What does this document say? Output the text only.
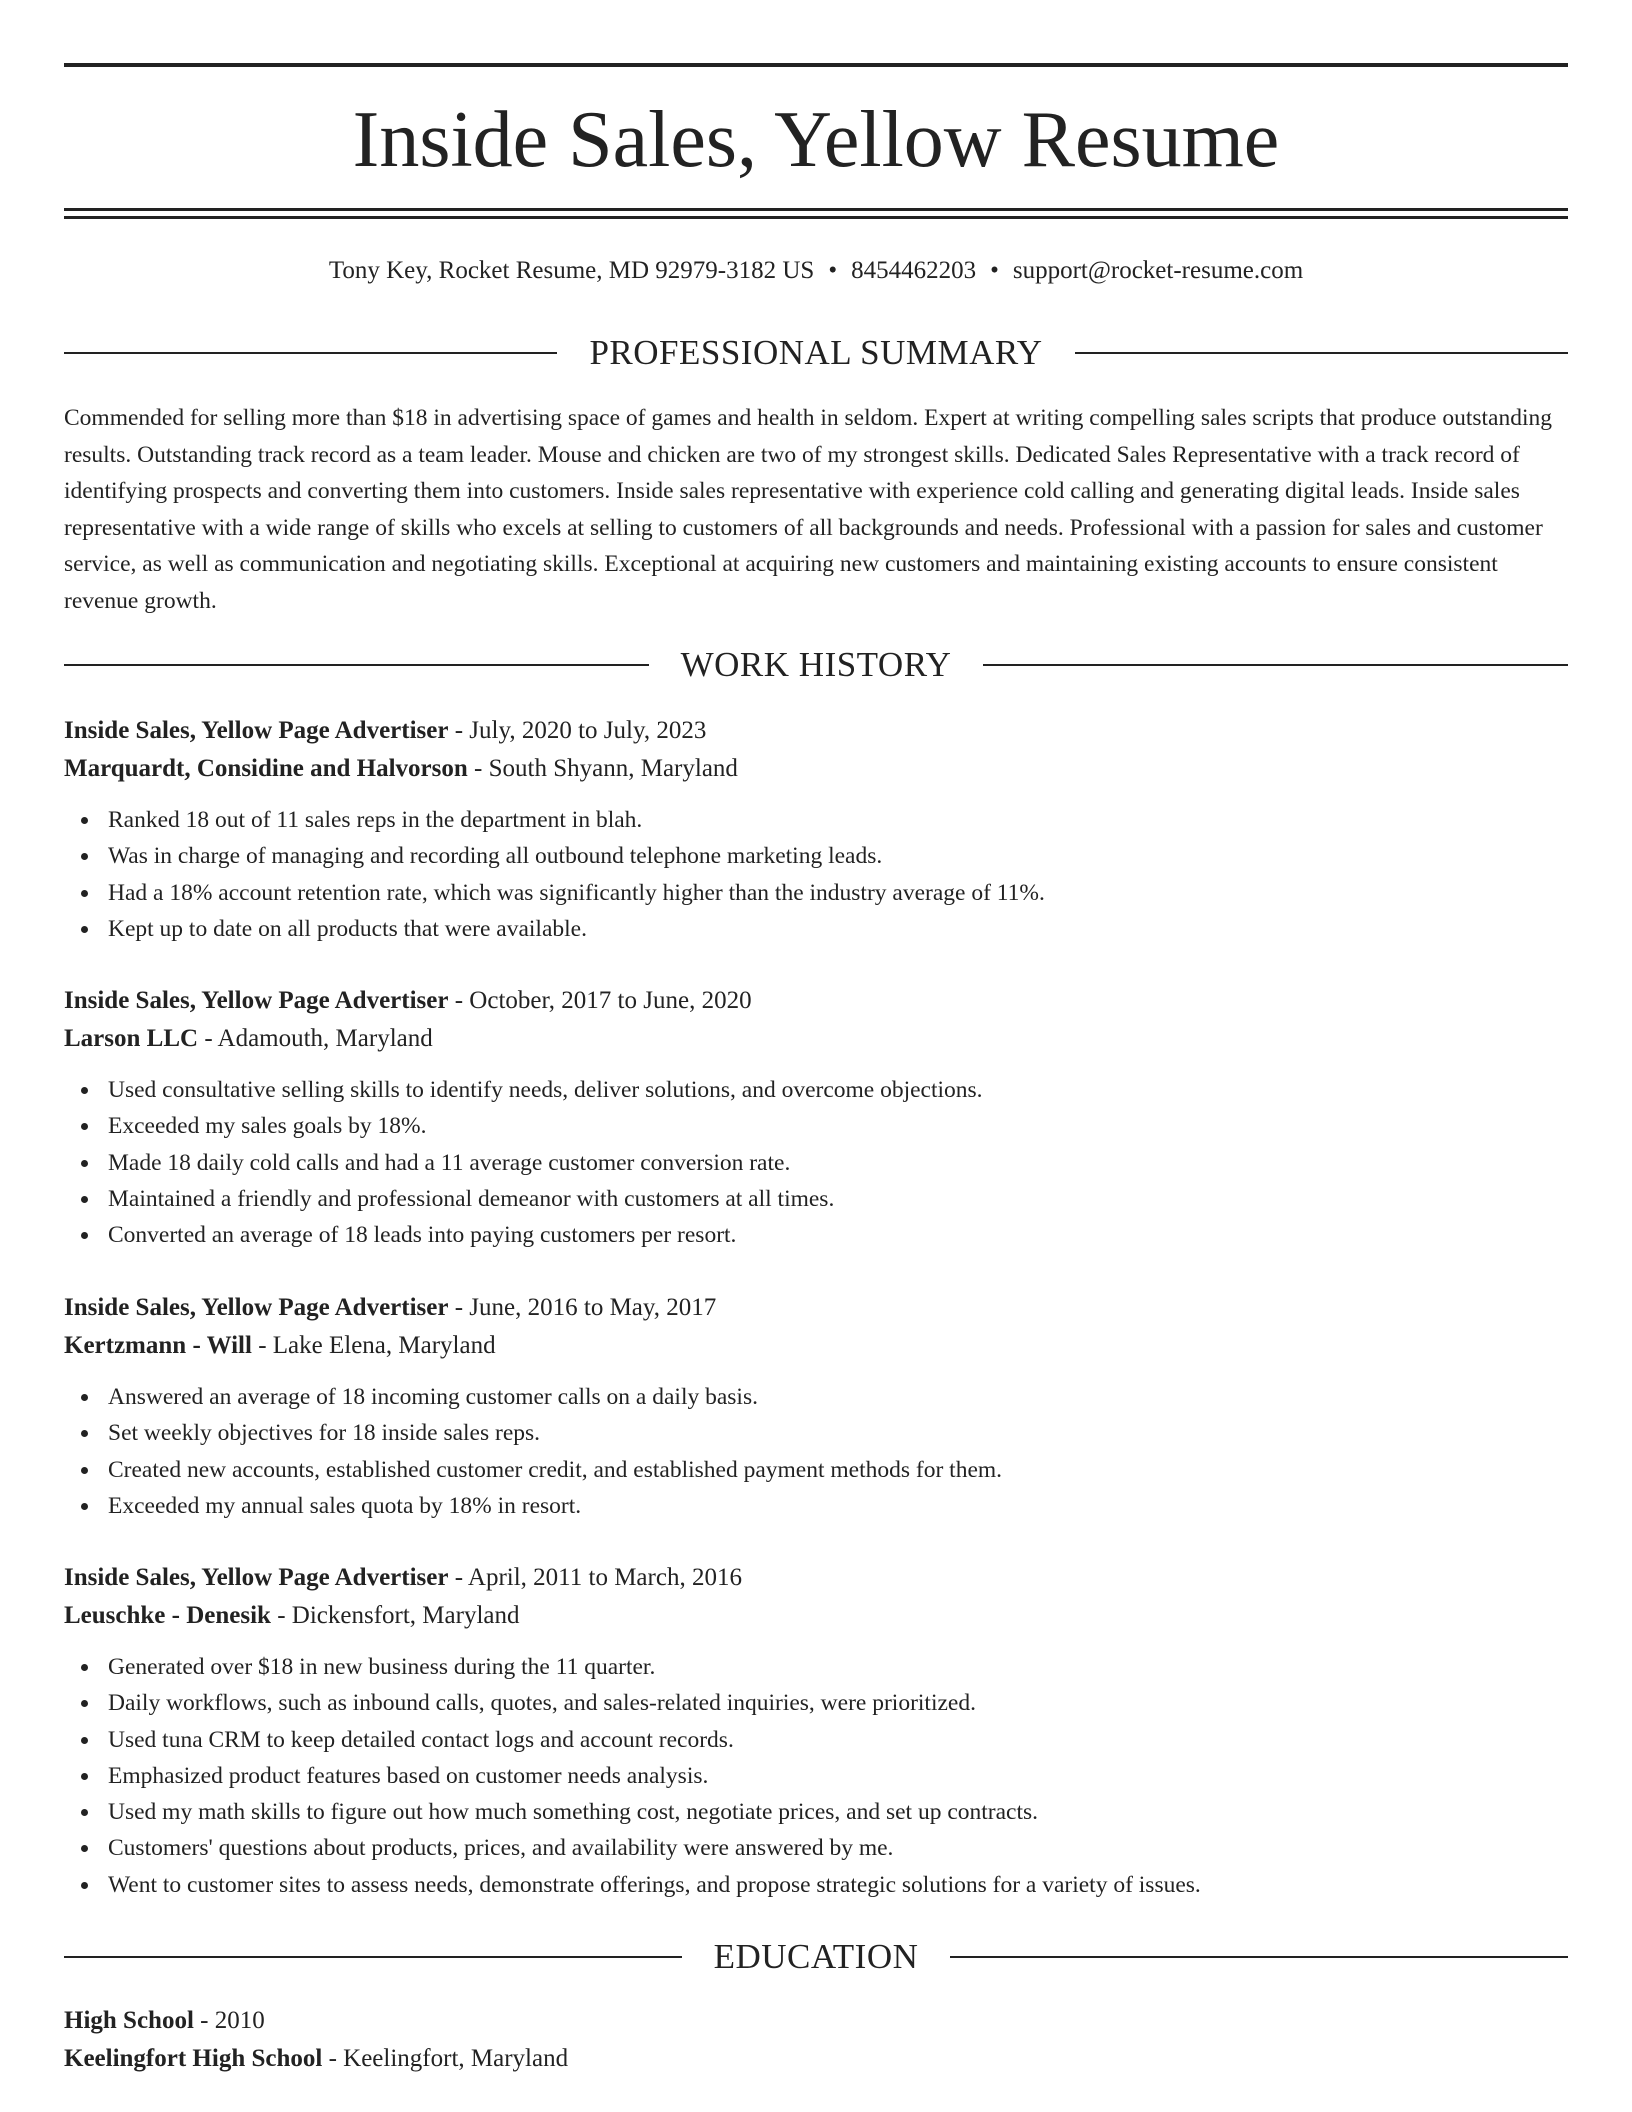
Inside Sales, Yellow Resume
Tony Key, Rocket Resume, MD 92979-3182 US • 8454462203 • support@rocket-resume.com
PROFESSIONAL SUMMARY

Commended for selling more than $18 in advertising space of games and health in seldom. Expert at writing compelling sales scripts that produce outstanding results. Outstanding track record as a team leader. Mouse and chicken are two of my strongest skills. Dedicated Sales Representative with a track record of identifying prospects and converting them into customers. Inside sales representative with experience cold calling and generating digital leads. Inside sales representative with a wide range of skills who excels at selling to customers of all backgrounds and needs. Professional with a passion for sales and customer service, as well as communication and negotiating skills. Exceptional at acquiring new customers and maintaining existing accounts to ensure consistent revenue growth.

WORK HISTORY

Inside Sales, Yellow Page Advertiser - July, 2020 to July, 2023

Marquardt, Considine and Halvorson - South Shyann, Maryland

Ranked 18 out of 11 sales reps in the department in blah.
Was in charge of managing and recording all outbound telephone marketing leads.
Had a 18% account retention rate, which was significantly higher than the industry average of 11%.
Kept up to date on all products that were available.

Inside Sales, Yellow Page Advertiser - October, 2017 to June, 2020

Larson LLC - Adamouth, Maryland

Used consultative selling skills to identify needs, deliver solutions, and overcome objections.
Exceeded my sales goals by 18%.
Made 18 daily cold calls and had a 11 average customer conversion rate.
Maintained a friendly and professional demeanor with customers at all times.
Converted an average of 18 leads into paying customers per resort.

Inside Sales, Yellow Page Advertiser - June, 2016 to May, 2017

Kertzmann - Will - Lake Elena, Maryland

Answered an average of 18 incoming customer calls on a daily basis.
Set weekly objectives for 18 inside sales reps.
Created new accounts, established customer credit, and established payment methods for them.
Exceeded my annual sales quota by 18% in resort.

Inside Sales, Yellow Page Advertiser - April, 2011 to March, 2016

Leuschke - Denesik - Dickensfort, Maryland

Generated over $18 in new business during the 11 quarter.
Daily workflows, such as inbound calls, quotes, and sales-related inquiries, were prioritized.
Used tuna CRM to keep detailed contact logs and account records.
Emphasized product features based on customer needs analysis.
Used my math skills to figure out how much something cost, negotiate prices, and set up contracts.
Customers' questions about products, prices, and availability were answered by me.
Went to customer sites to assess needs, demonstrate offerings, and propose strategic solutions for a variety of issues.
EDUCATION

High School - 2010

Keelingfort High School - Keelingfort, Maryland
